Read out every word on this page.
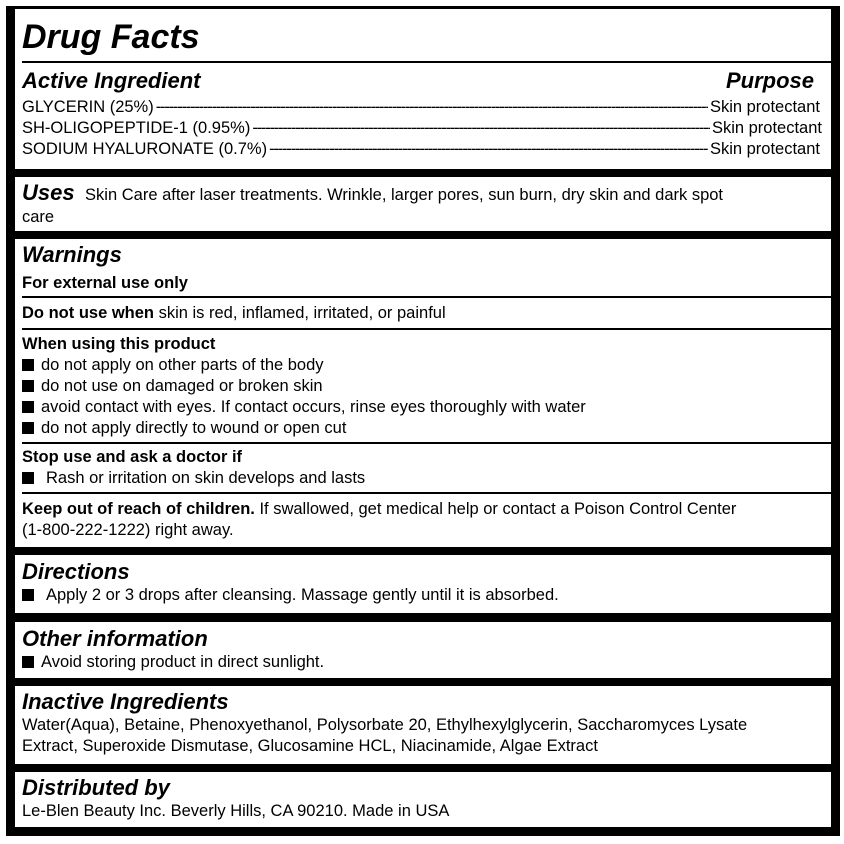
Drug Facts
Active Ingredient	Purpose
GLYCERIN (25%) -----	Skin protectant
SH-OLIGOPEPTIDE-1 (0.95%) -----	Skin protectant
SODIUM HYALURONATE (0.7%) -----	Skin protectant
Uses Skin Care after laser treatments. Wrinkle, larger pores, sun burn, dry skin and dark spot
care
Warnings
For external use only
Do not use when skin is red, inflamed, irritated, or painful
When using this product
do not apply on other parts of the body
do not use on damaged or broken skin
avoid contact with eyes. If contact occurs, rinse eyes thoroughly with water
do not apply directly to wound or open cut
Stop use and ask a doctor if
Rash or irritation on skin develops and lasts
Keep out of reach of children. If swallowed, get medical help or contact a Poison Control Center
(1-800-222-1222) right away.
Directions
Apply 2 or 3 drops after cleansing. Massage gently until it is absorbed.
Other information
Avoid storing product in direct sunlight.
Inactive Ingredients
Water(Aqua), Betaine, Phenoxyethanol, Polysorbate 20, Ethylhexylglycerin, Saccharomyces Lysate
Extract, Superoxide Dismutase, Glucosamine HCL, Niacinamide, Algae Extract
Distributed by
Le-Blen Beauty Inc. Beverly Hills, CA 90210. Made in USA
